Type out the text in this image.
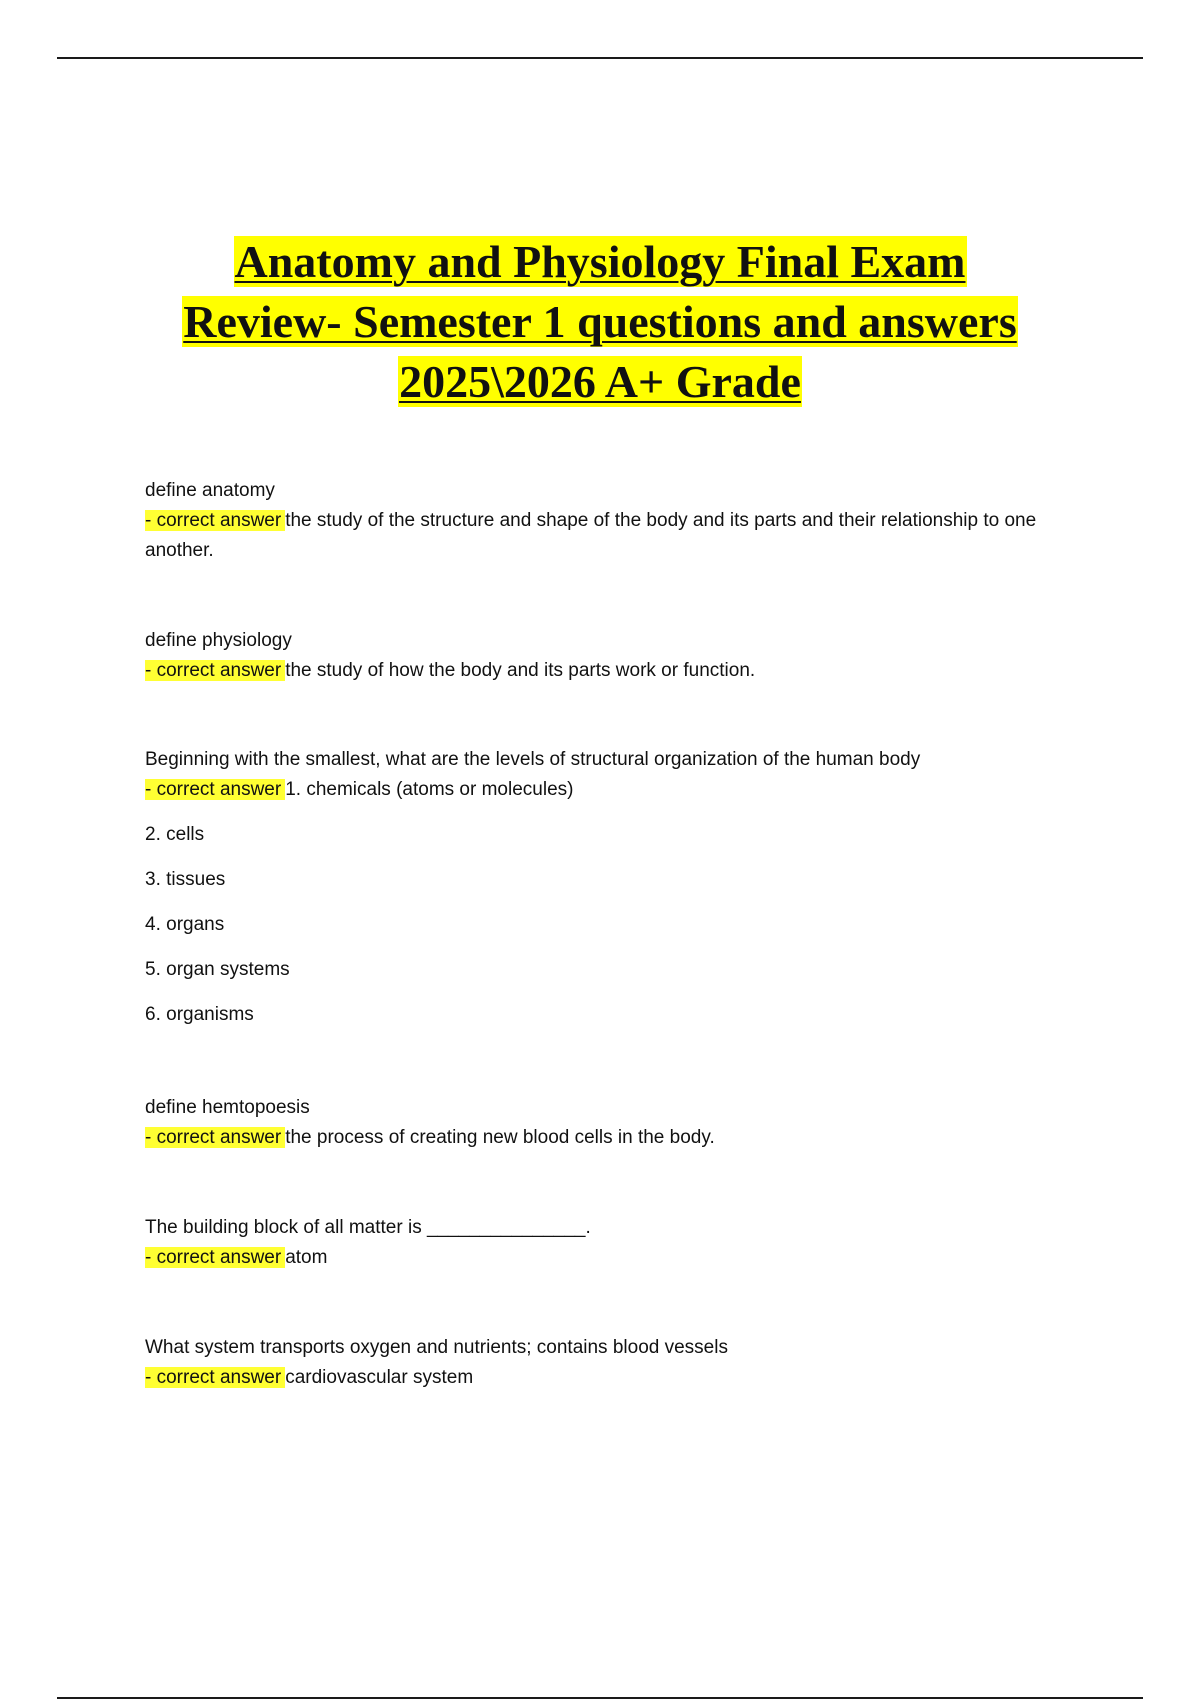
Anatomy and Physiology Final Exam
Review- Semester 1 questions and answers
2025\2026 A+ Grade

define anatomy

- correct answer the study of the structure and shape of the body and its parts and their relationship to one another.

define physiology

- correct answer the study of how the body and its parts work or function.

Beginning with the smallest, what are the levels of structural organization of the human body

- correct answer 1. chemicals (atoms or molecules)

2. cells

3. tissues

4. organs

5. organ systems

6. organisms

define hemtopoesis

- correct answer the process of creating new blood cells in the body.

The building block of all matter is _______________.

- correct answer atom

What system transports oxygen and nutrients; contains blood vessels

- correct answer cardiovascular system
